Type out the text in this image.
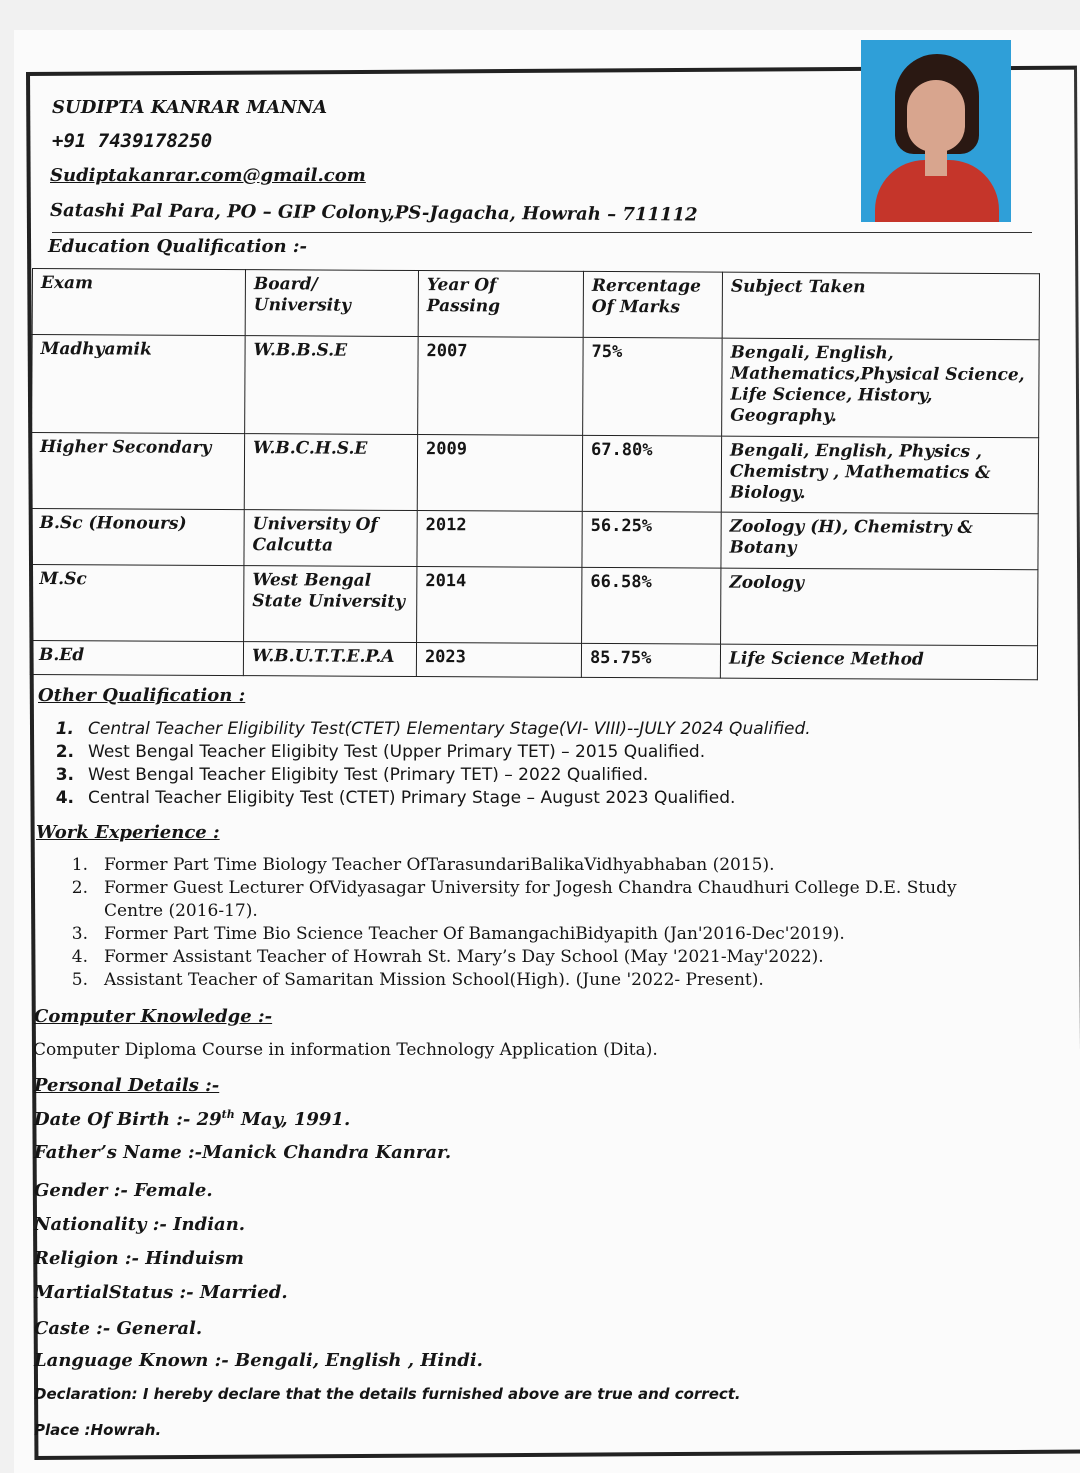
SUDIPTA KANRAR MANNA
+91 7439178250
Sudiptakanrar.com@gmail.com
Satashi Pal Para, PO – GIP Colony,PS-Jagacha, Howrah – 711112
Education Qualification :-
Exam	Board/ University	Year Of Passing	Rercentage Of Marks	Subject Taken
Madhyamik	W.B.B.S.E	2007	75%	Bengali, English, Mathematics,Physical Science, Life Science, History, Geography.
Higher Secondary	W.B.C.H.S.E	2009	67.80%	Bengali, English, Physics , Chemistry , Mathematics & Biology.
B.Sc (Honours)	University Of Calcutta	2012	56.25%	Zoology (H), Chemistry & Botany
M.Sc	West Bengal State University	2014	66.58%	Zoology
B.Ed	W.B.U.T.T.E.P.A	2023	85.75%	Life Science Method
Other Qualification :
1. Central Teacher Eligibility Test(CTET) Elementary Stage(VI- VIII)--JULY 2024 Qualified.
2. West Bengal Teacher Eligibity Test (Upper Primary TET) – 2015 Qualified.
3. West Bengal Teacher Eligibity Test (Primary TET) – 2022 Qualified.
4. Central Teacher Eligibity Test (CTET) Primary Stage – August 2023 Qualified.
Work Experience :
1. Former Part Time Biology Teacher OfTarasundariBalikaVidhyabhaban (2015).
2. Former Guest Lecturer OfVidyasagar University for Jogesh Chandra Chaudhuri College D.E. Study
Centre (2016-17).
3. Former Part Time Bio Science Teacher Of BamangachiBidyapith (Jan'2016-Dec'2019).
4. Former Assistant Teacher of Howrah St. Mary’s Day School (May '2021-May'2022).
5. Assistant Teacher of Samaritan Mission School(High). (June '2022- Present).
Computer Knowledge :-
Computer Diploma Course in information Technology Application (Dita).
Personal Details :-
Date Of Birth :- 29th May, 1991.
Father’s Name :-Manick Chandra Kanrar.
Gender :- Female.
Nationality :- Indian.
Religion :- Hinduism
MartialStatus :- Married.
Caste :- General.
Language Known :- Bengali, English , Hindi.
Declaration: I hereby declare that the details furnished above are true and correct.
Place :Howrah.
